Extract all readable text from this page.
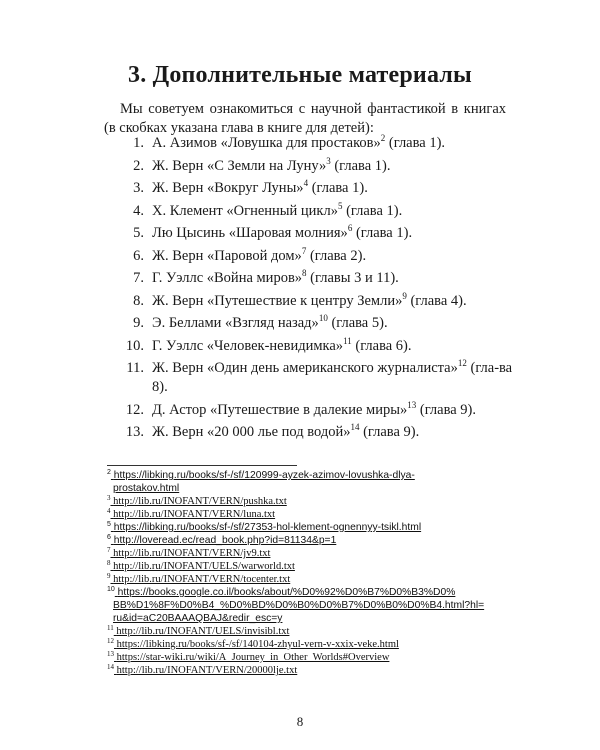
3. Дополнительные материалы
Мы советуем ознакомиться с научной фантастикой в книгах (в скобках указана глава в книге для детей):
1. А. Азимов «Ловушка для простаков»$^2$ (глава 1).
2. Ж. Верн «С Земли на Луну»$^3$ (глава 1).
3. Ж. Верн «Вокруг Луны»$^4$ (глава 1).
4. Х. Клемент «Огненный цикл»$^5$ (глава 1).
5. Лю Цысинь «Шаровая молния»$^6$ (глава 1).
6. Ж. Верн «Паровой дом»$^7$ (глава 2).
7. Г. Уэллс «Война миров»$^8$ (главы 3 и 11).
8. Ж. Верн «Путешествие к центру Земли»$^9$ (глава 4).
9. Э. Беллами «Взгляд назад»$^{10}$ (глава 5).
10. Г. Уэллс «Человек-невидимка»$^{11}$ (глава 6).
11. Ж. Верн «Один день американского журналиста»$^{12}$ (гла-ва 8).
12. Д. Астор «Путешествие в далекие миры»$^{13}$ (глава 9).
13. Ж. Верн «20 000 лье под водой»$^{14}$ (глава 9).
$^2$ https://libking.ru/books/sf-/sf/120999-ayzek-azimov-lovushka-dlya-
prostakov.html
$^3$ http://lib.ru/INOFANT/VERN/pushka.txt
$^4$ http://lib.ru/INOFANT/VERN/luna.txt
$^5$ https://libking.ru/books/sf-/sf/27353-hol-klement-ognennyy-tsikl.html
$^6$ http://loveread.ec/read_book.php?id=81134&p=1
$^7$ http://lib.ru/INOFANT/VERN/jv9.txt
$^8$ http://lib.ru/INOFANT/UELS/warworld.txt
$^9$ http://lib.ru/INOFANT/VERN/tocenter.txt
$^{10}$ https://books.google.co.il/books/about/%D0%92%D0%B7%D0%B3%D0%
BB%D1%8F%D0%B4_%D0%BD%D0%B0%D0%B7%D0%B0%D0%B4.html?hl=
ru&id=aC20BAAAQBAJ&redir_esc=y
$^{11}$ http://lib.ru/INOFANT/UELS/invisibl.txt
$^{12}$ https://libking.ru/books/sf-/sf/140104-zhyul-vern-v-xxix-veke.html
$^{13}$ https://star-wiki.ru/wiki/A_Journey_in_Other_Worlds#Overview
$^{14}$ http://lib.ru/INOFANT/VERN/20000lje.txt
8
